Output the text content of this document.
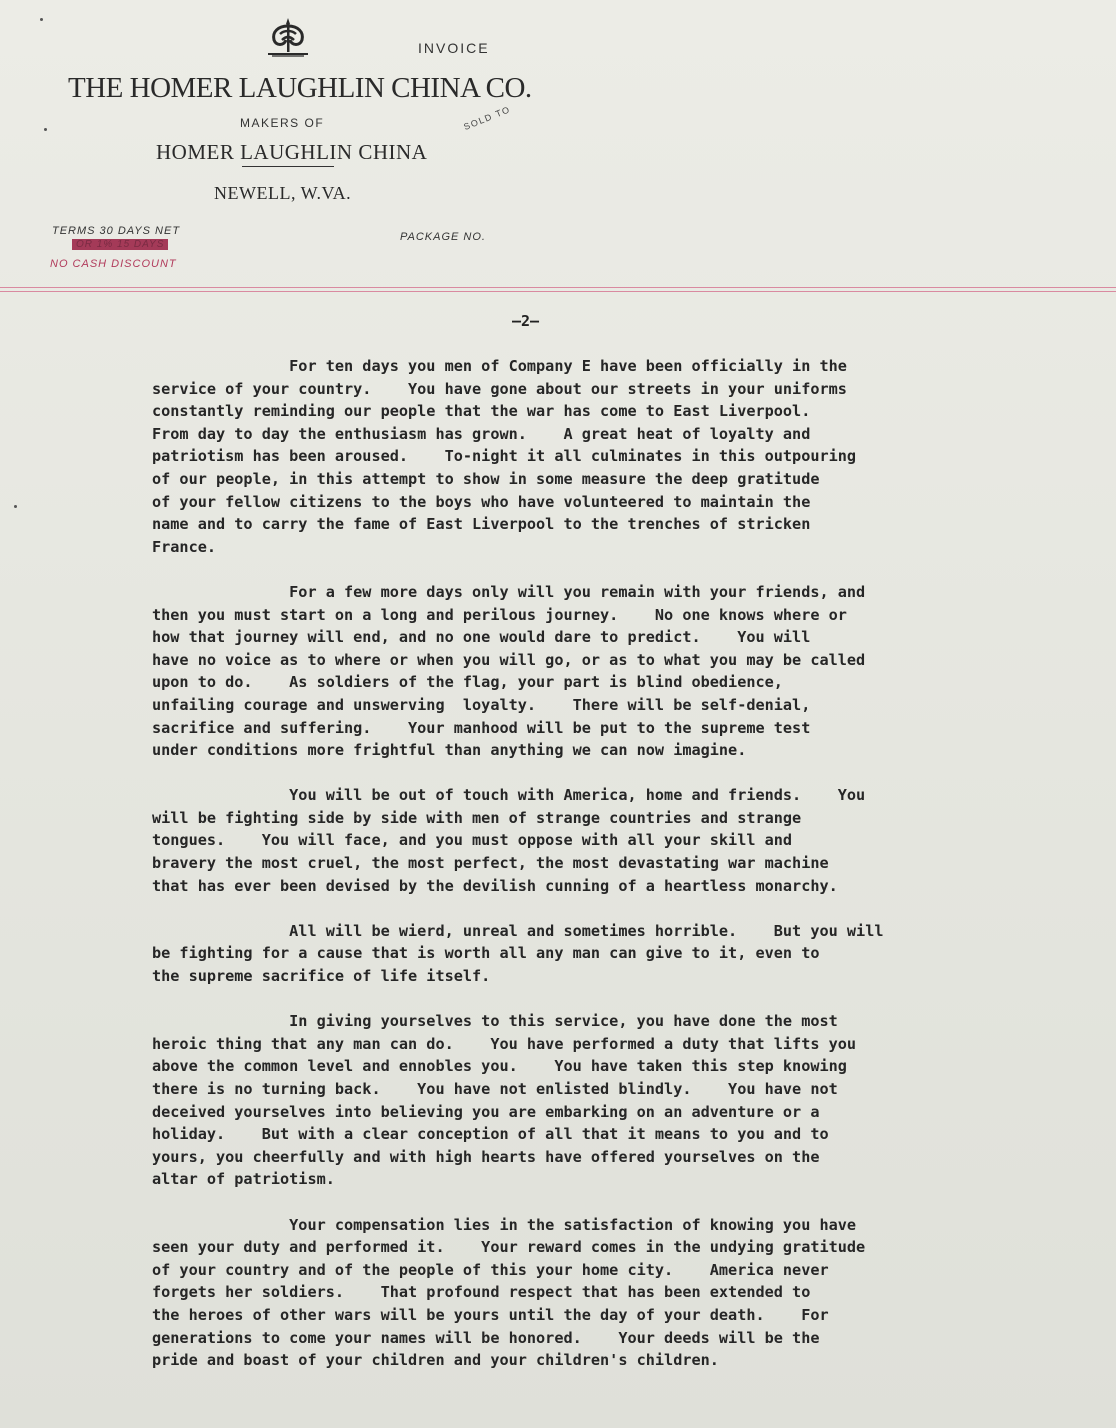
INVOICE
THE HOMER LAUGHLIN CHINA CO.
MAKERS OF
HOMER LAUGHLIN CHINA
NEWELL, W.VA.
SOLD TO
TERMS 30 DAYS NET
OR 1% 15 DAYS
NO CASH DISCOUNT
PACKAGE NO.
—2—
For ten days you men of Company E have been officially in the
service of your country.    You have gone about our streets in your uniforms
constantly reminding our people that the war has come to East Liverpool.
From day to day the enthusiasm has grown.    A great heat of loyalty and
patriotism has been aroused.    To-night it all culminates in this outpouring
of our people, in this attempt to show in some measure the deep gratitude
of your fellow citizens to the boys who have volunteered to maintain the
name and to carry the fame of East Liverpool to the trenches of stricken
France.
For a few more days only will you remain with your friends, and
then you must start on a long and perilous journey.    No one knows where or
how that journey will end, and no one would dare to predict.    You will
have no voice as to where or when you will go, or as to what you may be called
upon to do.    As soldiers of the flag, your part is blind obedience,
unfailing courage and unswerving  loyalty.    There will be self-denial,
sacrifice and suffering.    Your manhood will be put to the supreme test
under conditions more frightful than anything we can now imagine.
You will be out of touch with America, home and friends.    You
will be fighting side by side with men of strange countries and strange
tongues.    You will face, and you must oppose with all your skill and
bravery the most cruel, the most perfect, the most devastating war machine
that has ever been devised by the devilish cunning of a heartless monarchy.
All will be wierd, unreal and sometimes horrible.    But you will
be fighting for a cause that is worth all any man can give to it, even to
the supreme sacrifice of life itself.
In giving yourselves to this service, you have done the most
heroic thing that any man can do.    You have performed a duty that lifts you
above the common level and ennobles you.    You have taken this step knowing
there is no turning back.    You have not enlisted blindly.    You have not
deceived yourselves into believing you are embarking on an adventure or a
holiday.    But with a clear conception of all that it means to you and to
yours, you cheerfully and with high hearts have offered yourselves on the
altar of patriotism.
Your compensation lies in the satisfaction of knowing you have
seen your duty and performed it.    Your reward comes in the undying gratitude
of your country and of the people of this your home city.    America never
forgets her soldiers.    That profound respect that has been extended to
the heroes of other wars will be yours until the day of your death.    For
generations to come your names will be honored.    Your deeds will be the
pride and boast of your children and your children's children.
